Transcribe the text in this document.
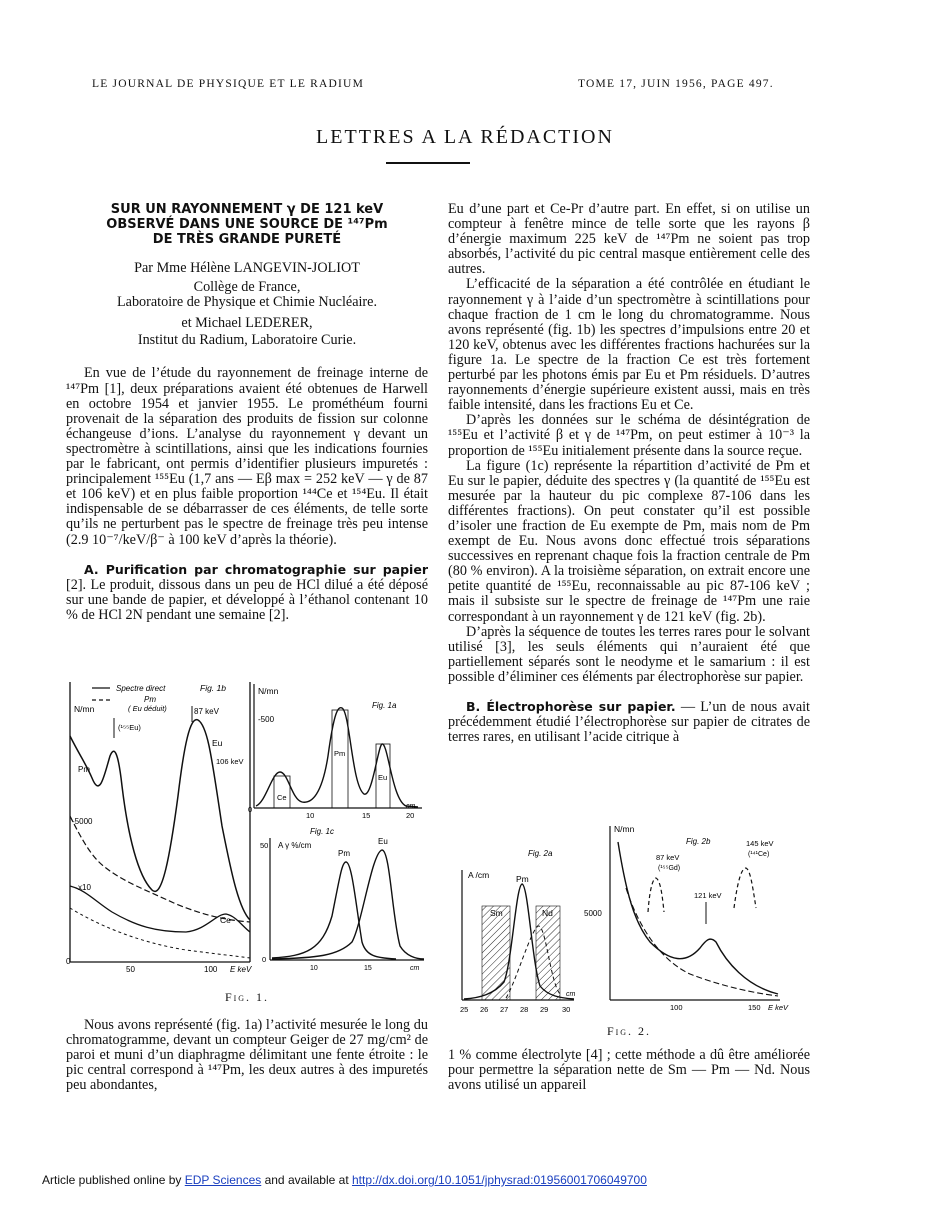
LE JOURNAL DE PHYSIQUE ET LE RADIUM	TOME 17, JUIN 1956, PAGE 497.
LETTRES A LA RÉDACTION
SUR UN RAYONNEMENT γ DE 121 keV
OBSERVÉ DANS UNE SOURCE DE ¹⁴⁷Pm
DE TRÈS GRANDE PURETÉ
Par Mme Hélène LANGEVIN-JOLIOT
Collège de France,
Laboratoire de Physique et Chimie Nucléaire.
et Michael LEDERER,
Institut du Radium, Laboratoire Curie.

En vue de l’étude du rayonnement de freinage interne de ¹⁴⁷Pm [1], deux préparations avaient été obtenues de Harwell en octobre 1954 et janvier 1955. Le prométhéum fourni provenait de la séparation des produits de fission sur colonne échangeuse d’ions. L’analyse du rayonnement γ devant un spectromètre à scintillations, ainsi que les indications fournies par le fabricant, ont permis d’identifier plusieurs impuretés : principalement ¹⁵⁵Eu (1,7 ans — Eβ max = 252 keV — γ de 87 et 106 keV) et en plus faible proportion ¹⁴⁴Ce et ¹⁵⁴Eu. Il était indispensable de se débarrasser de ces éléments, de telle sorte qu’ils ne perturbent pas le spectre de freinage très peu intense (2.9 10⁻⁷/keV/β⁻ à 100 keV d’après la théorie).

A. Purification par chromatographie sur papier [2]. Le produit, dissous dans un peu de HCl dilué a été déposé sur une bande de papier, et développé à l’éthanol contenant 10 % de HCl 2N pendant une semaine [2].

Spectre direct
Pm
( Eu déduit)
Fig. 1b
N/mn
(¹⁵⁵Eu)
87 keV
Pm
Eu
106 keV
-5000
x10
Ce
0
50	100 E keV
N/mn
Fig. 1a
-500
Pm
Eu
Ce
0
10	15	20
cm
Fig. 1c
A γ %/cm
50
Pm
Eu
0
10	15	cm
Fig. 1.

Nous avons représenté (fig. 1a) l’activité mesurée le long du chromatogramme, devant un compteur Geiger de 27 mg/cm² de paroi et muni d’un diaphragme délimitant une fente étroite : le pic central correspond à ¹⁴⁷Pm, les deux autres à des impuretés peu abondantes,

Eu d’une part et Ce-Pr d’autre part. En effet, si on utilise un compteur à fenêtre mince de telle sorte que les rayons β d’énergie maximum 225 keV de ¹⁴⁷Pm ne soient pas trop absorbés, l’activité du pic central masque entièrement celle des autres.

L’efficacité de la séparation a été contrôlée en étudiant le rayonnement γ à l’aide d’un spectromètre à scintillations pour chaque fraction de 1 cm le long du chromatogramme. Nous avons représenté (fig. 1b) les spectres d’impulsions entre 20 et 120 keV, obtenus avec les différentes fractions hachurées sur la figure 1a. Le spectre de la fraction Ce est très fortement perturbé par les photons émis par Eu et Pm résiduels. D’autres rayonnements d’énergie supérieure existent aussi, mais en très faible intensité, dans les fractions Eu et Ce.

D’après les données sur le schéma de désintégration de ¹⁵⁵Eu et l’activité β et γ de ¹⁴⁷Pm, on peut estimer à 10⁻³ la proportion de ¹⁵⁵Eu initialement présente dans la source reçue.

La figure (1c) représente la répartition d’activité de Pm et Eu sur le papier, déduite des spectres γ (la quantité de ¹⁵⁵Eu est mesurée par la hauteur du pic complexe 87-106 dans les différentes fractions). On peut constater qu’il est possible d’isoler une fraction de Eu exempte de Pm, mais nom de Pm exempt de Eu. Nous avons donc effectué trois séparations successives en reprenant chaque fois la fraction centrale de Pm (80 % environ). A la troisième séparation, on extrait encore une petite quantité de ¹⁵⁵Eu, reconnaissable au pic 87-106 keV ; mais il subsiste sur le spectre de freinage de ¹⁴⁷Pm une raie correspondant à un rayonnement γ de 121 keV (fig. 2b).

D’après la séquence de toutes les terres rares pour le solvant utilisé [3], les seuls éléments qui n’auraient été que partiellement séparés sont le neodyme et le samarium : il est possible d’éliminer ces éléments par électrophorèse sur papier.

B. Électrophorèse sur papier. — L’un de nous avait précédemment étudié l’électrophorèse sur papier de citrates de terres rares, en utilisant l’acide citrique à

A /cm
Fig. 2a
Sm
Pm
Nd
25 26 27 28 29 30
cm
N/mn
Fig. 2b
87 keV
(¹⁵⁵Gd)
121 keV
145 keV
(¹⁴¹Ce)
5000
100	150 E keV
Fig. 2.

1 % comme électrolyte [4] ; cette méthode a dû être améliorée pour permettre la séparation nette de Sm — Pm — Nd. Nous avons utilisé un appareil

Article published online by EDP Sciences and available at http://dx.doi.org/10.1051/jphysrad:01956001706049700
